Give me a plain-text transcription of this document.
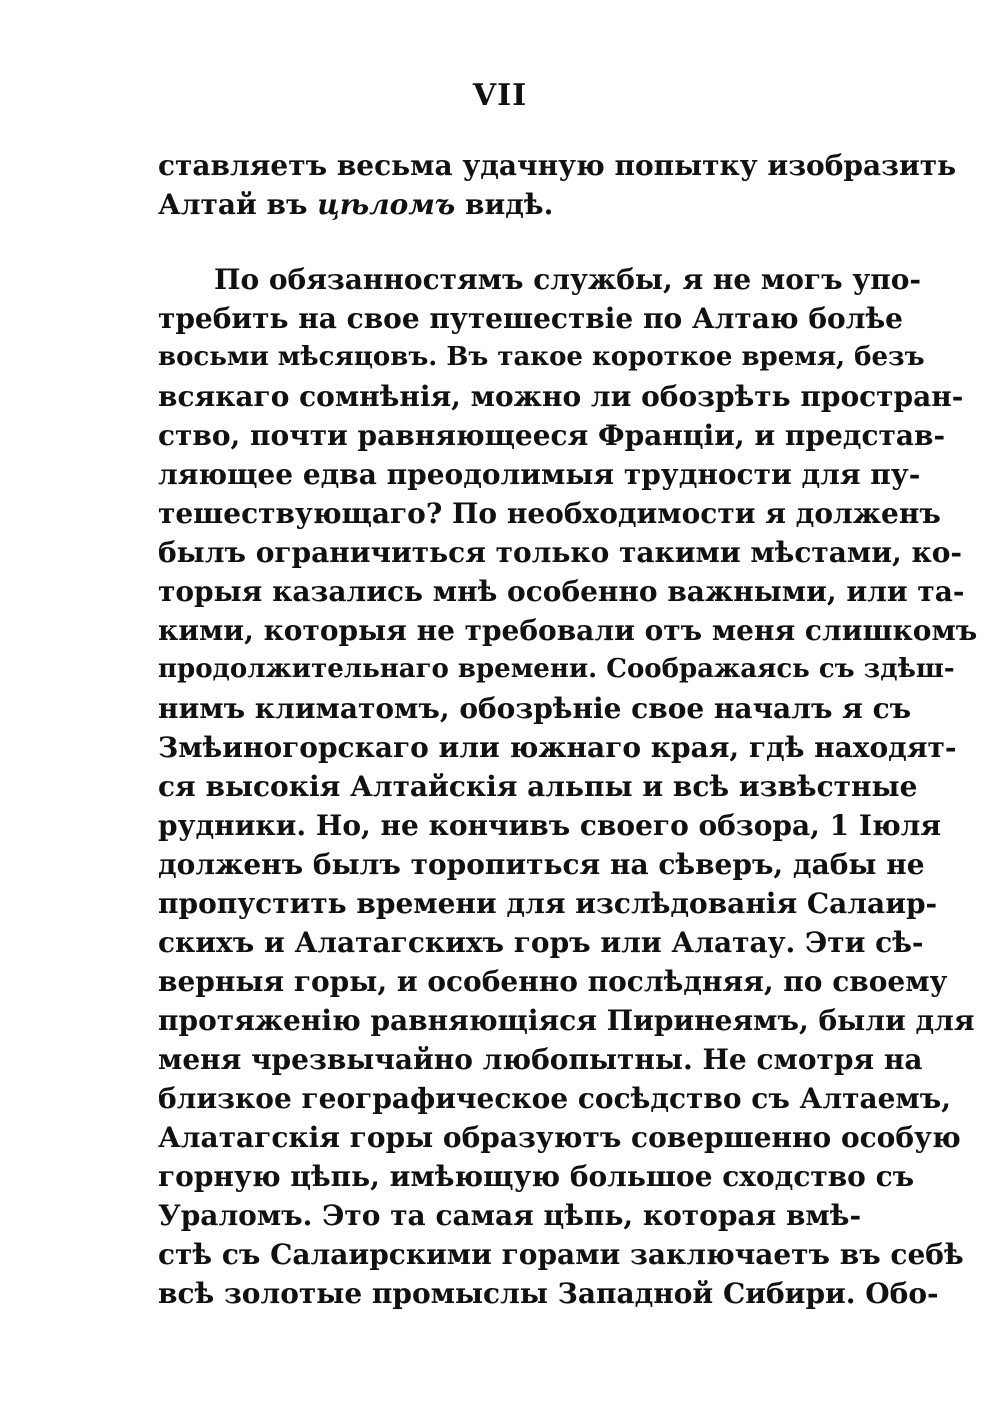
VII
ставляетъ весьма удачную попытку изобразить
Алтай въ цѣломъ видѣ.
По обязанностямъ службы, я не могъ упо-
требить на свое путешествіе по Алтаю болѣе
восьми мѣсяцовъ. Въ такое короткое время, безъ
всякаго сомнѣнія, можно ли обозрѣть простран-
ство, почти равняющееся Франціи, и представ-
ляющее едва преодолимыя трудности для пу-
тешествующаго? По необходимости я долженъ
былъ ограничиться только такими мѣстами, ко-
торыя казались мнѣ особенно важными, или та-
кими, которыя не требовали отъ меня слишкомъ
продолжительнаго времени. Соображаясь съ здѣш-
нимъ климатомъ, обозрѣніе свое началъ я съ
Змѣиногорскаго или южнаго края, гдѣ находят-
ся высокія Алтайскія альпы и всѣ извѣстные
рудники. Но, не кончивъ своего обзора, 1 Іюля
долженъ былъ торопиться на сѣверъ, дабы не
пропустить времени для изслѣдованія Салаир-
скихъ и Алатагскихъ горъ или Алатау. Эти сѣ-
верныя горы, и особенно послѣдняя, по своему
протяженію равняющіяся Пиринеямъ, были для
меня чрезвычайно любопытны. Не смотря на
близкое географическое сосѣдство съ Алтаемъ,
Алатагскія горы образуютъ совершенно особую
горную цѣпь, имѣющую большое сходство съ
Ураломъ. Это та самая цѣпь, которая вмѣ-
стѣ съ Салаирскими горами заключаетъ въ себѣ
всѣ золотые промыслы Западной Сибири. Обо-
